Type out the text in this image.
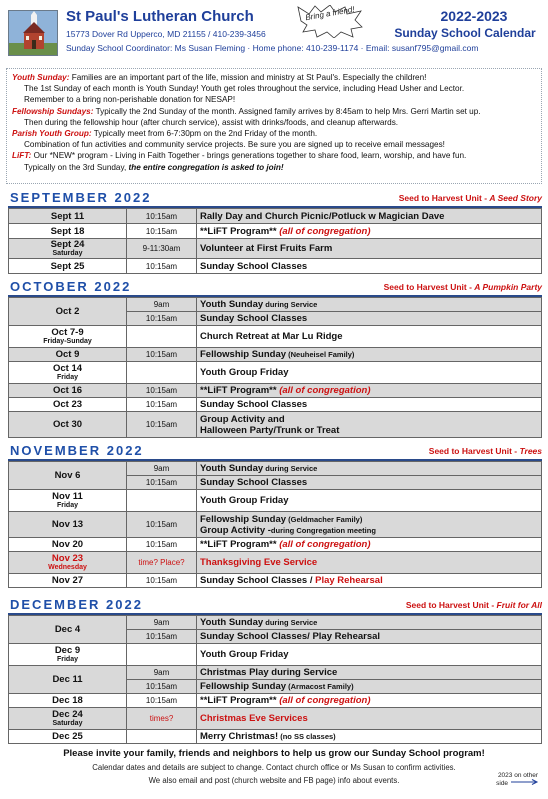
St Paul's Lutheran Church
15773 Dover Rd Upperco, MD 21155 / 410-239-3456
Sunday School Coordinator: Ms Susan Fleming · Home phone: 410-239-1174 · Email: susanf795@gmail.com
Bring a friend!	2022-2023
Sunday School Calendar

Youth Sunday: Families are an important part of the life, mission and ministry at St Paul's. Especially the children!

The 1st Sunday of each month is Youth Sunday! Youth get roles throughout the service, including Head Usher and Lector.

Remember to a bring non-perishable donation for NESAP!

Fellowship Sundays: Typically the 2nd Sunday of the month. Assigned family arrives by 8:45am to help Mrs. Gerri Martin set up.

Then during the fellowship hour (after church service), assist with drinks/foods, and cleanup afterwards.

Parish Youth Group: Typically meet from 6-7:30pm on the 2nd Friday of the month.

Combination of fun activities and community service projects. Be sure you are signed up to receive email messages!

LiFT: Our *NEW* program - Living in Faith Together - brings generations together to share food, learn, worship, and have fun.

Typically on the 3rd Sunday, the entire congregation is asked to join!

SEPTEMBER 2022	Seed to Harvest Unit - A Seed Story
Sept 11	10:15am	Rally Day and Church Picnic/Potluck w Magician Dave
Sept 18	10:15am	**LiFT Program** (all of congregation)
Sept 24
Saturday	9-11:30am	Volunteer at First Fruits Farm
Sept 25	10:15am	Sunday School Classes
OCTOBER 2022	Seed to Harvest Unit - A Pumpkin Party
Oct 2	9am	Youth Sunday during Service
	10:15am	Sunday School Classes
Oct 7-9
Friday-Sunday		Church Retreat at Mar Lu Ridge
Oct 9	10:15am	Fellowship Sunday (Neuheisel Family)
Oct 14
Friday		Youth Group Friday
Oct 16	10:15am	**LiFT Program** (all of congregation)
Oct 23	10:15am	Sunday School Classes
Oct 30	10:15am	Group Activity and
Halloween Party/Trunk or Treat
NOVEMBER 2022	Seed to Harvest Unit - Trees
Nov 6	9am	Youth Sunday during Service
	10:15am	Sunday School Classes
Nov 11
Friday		Youth Group Friday
Nov 13	10:15am	Fellowship Sunday (Geldmacher Family)
Group Activity -during Congregation meeting
Nov 20	10:15am	**LiFT Program** (all of congregation)
Nov 23
Wednesday	time? Place?	Thanksgiving Eve Service
Nov 27	10:15am	Sunday School Classes / Play Rehearsal
DECEMBER 2022	Seed to Harvest Unit - Fruit for All
Dec 4	9am	Youth Sunday during Service
	10:15am	Sunday School Classes/ Play Rehearsal
Dec 9
Friday		Youth Group Friday
Dec 11	9am	Christmas Play during Service
	10:15am	Fellowship Sunday (Armacost Family)
Dec 18	10:15am	**LiFT Program** (all of congregation)
Dec 24
Saturday	times?	Christmas Eve Services
Dec 25		Merry Christmas! (no SS classes)
Please invite your family, friends and neighbors to help us grow our Sunday School program!
Calendar dates and details are subject to change. Contact church office or Ms Susan to confirm activities.
We also email and post (church website and FB page) info about events.
2023 on other side
